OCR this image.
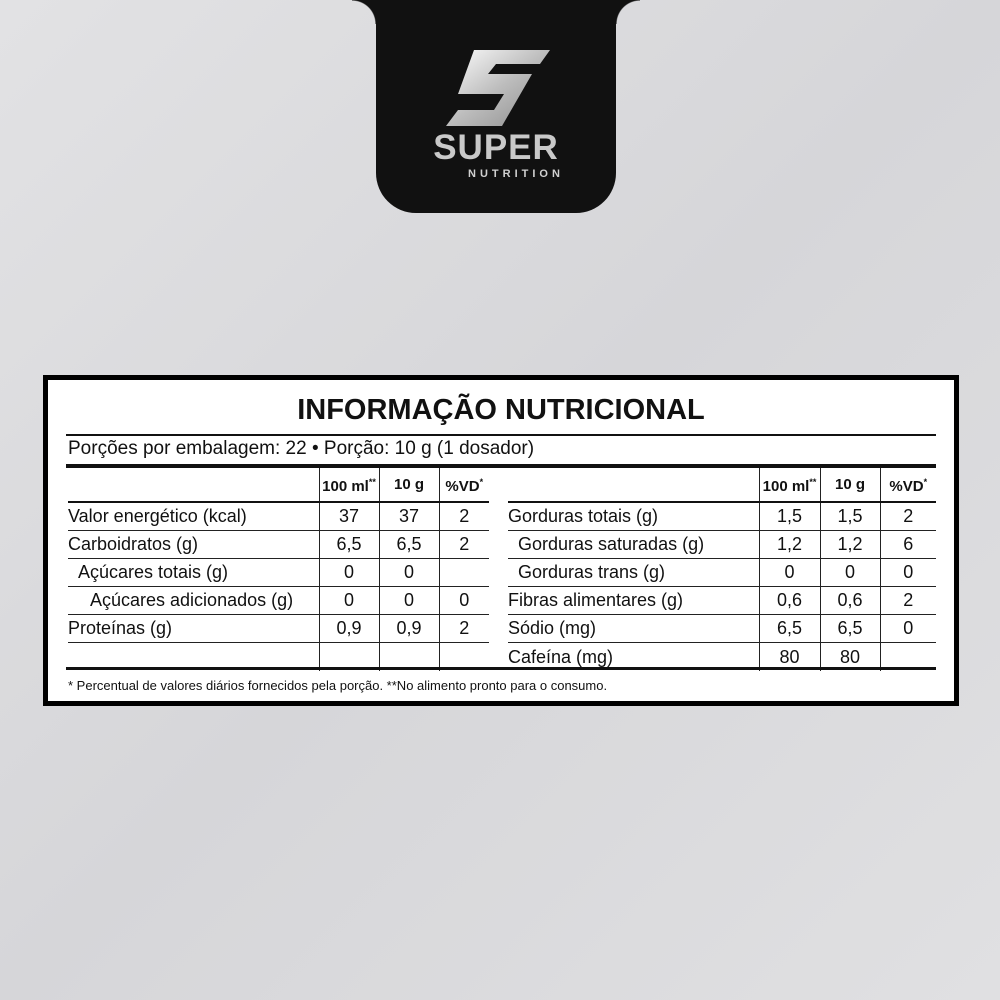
SUPER
NUTRITION
INFORMAÇÃO NUTRICIONAL
Porções por embalagem: 22 • Porção: 10 g (1 dosador)
	100 ml**	10 g	%VD*
Valor energético (kcal)	37	37	2
Carboidratos (g)	6,5	6,5	2
Açúcares totais (g)	0	0	
Açúcares adicionados (g)	0	0	0
Proteínas (g)	0,9	0,9	2

	100 ml**	10 g	%VD*
Gorduras totais (g)	1,5	1,5	2
Gorduras saturadas (g)	1,2	1,2	6
Gorduras trans (g)	0	0	0
Fibras alimentares (g)	0,6	0,6	2
Sódio (mg)	6,5	6,5	0
Cafeína (mg)	80	80	
* Percentual de valores diários fornecidos pela porção. **No alimento pronto para o consumo.
